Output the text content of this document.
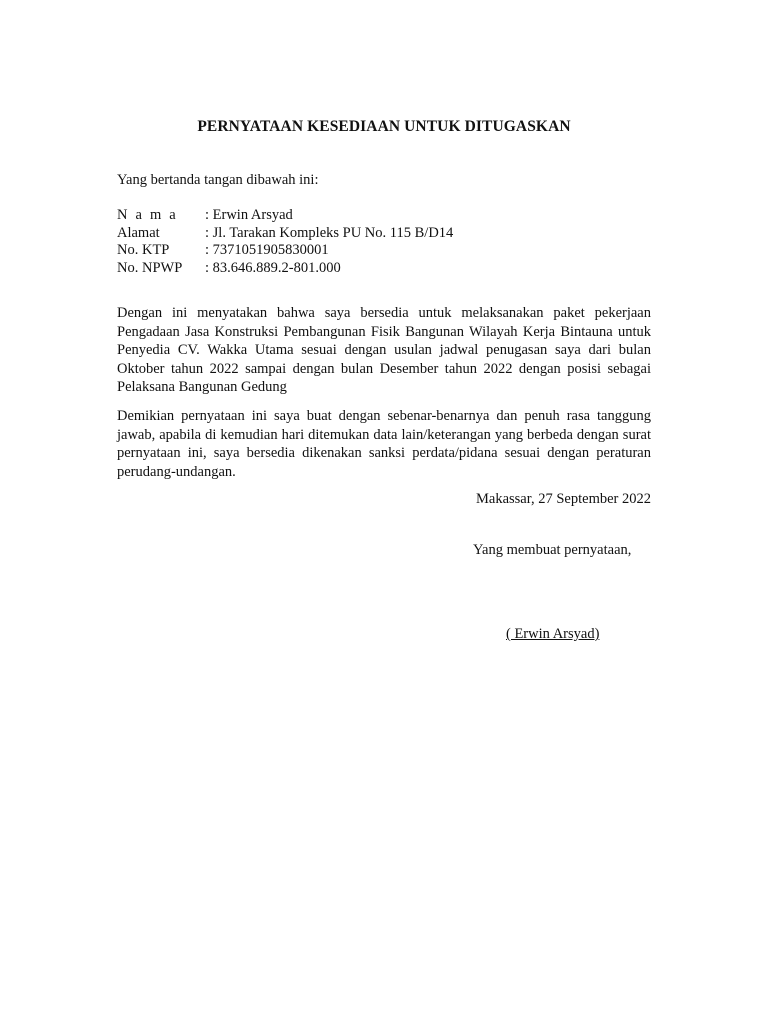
PERNYATAAN KESEDIAAN UNTUK DITUGASKAN
Yang bertanda tangan dibawah ini:
N a m a	: Erwin Arsyad
Alamat	: Jl. Tarakan Kompleks PU No. 115 B/D14
No. KTP	: 7371051905830001
No. NPWP	: 83.646.889.2-801.000
Dengan ini menyatakan bahwa saya bersedia untuk melaksanakan paket pekerjaan Pengadaan Jasa Konstruksi Pembangunan Fisik Bangunan Wilayah Kerja Bintauna untuk Penyedia CV. Wakka Utama sesuai dengan usulan jadwal penugasan saya dari bulan Oktober tahun 2022 sampai dengan bulan Desember tahun 2022 dengan posisi sebagai Pelaksana Bangunan Gedung
Demikian pernyataan ini saya buat dengan sebenar-benarnya dan penuh rasa tanggung jawab, apabila di kemudian hari ditemukan data lain/keterangan yang berbeda dengan surat pernyataan ini, saya bersedia dikenakan sanksi perdata/pidana sesuai dengan peraturan perudang-undangan.
Makassar, 27 September 2022
Yang membuat pernyataan,
( Erwin Arsyad)
